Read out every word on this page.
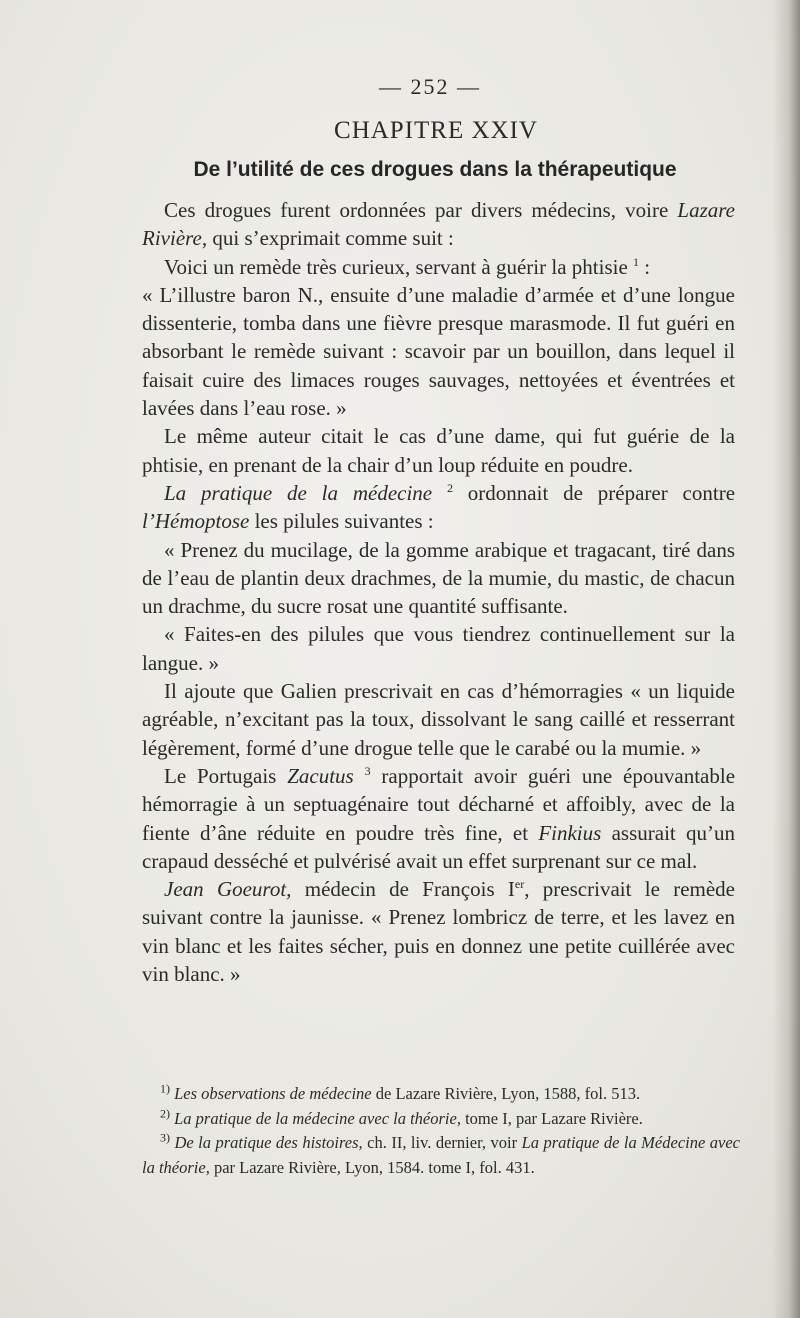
— 252 —
CHAPITRE XXIV
De l’utilité de ces drogues dans la thérapeutique

Ces drogues furent ordonnées par divers médecins, voire Lazare Rivière, qui s’exprimait comme suit :

Voici un remède très curieux, servant à guérir la phtisie $^1$ :

« L’illustre baron N., ensuite d’une maladie d’armée et d’une longue dissenterie, tomba dans une fièvre presque marasmode. Il fut guéri en absorbant le remède suivant : scavoir par un bouillon, dans lequel il faisait cuire des limaces rouges sauvages, nettoyées et éventrées et lavées dans l’eau rose. »

Le même auteur citait le cas d’une dame, qui fut guérie de la phtisie, en prenant de la chair d’un loup réduite en poudre.

La pratique de la médecine $^2$ ordonnait de préparer contre l’Hémoptose les pilules suivantes :

« Prenez du mucilage, de la gomme arabique et tragacant, tiré dans de l’eau de plantin deux drachmes, de la mumie, du mastic, de chacun un drachme, du sucre rosat une quantité suffisante.

« Faites-en des pilules que vous tiendrez continuellement sur la langue. »

Il ajoute que Galien prescrivait en cas d’hémorragies « un liquide agréable, n’excitant pas la toux, dissolvant le sang caillé et resserrant légèrement, formé d’une drogue telle que le carabé ou la mumie. »

Le Portugais Zacutus $^3$ rapportait avoir guéri une épouvantable hémorragie à un septuagénaire tout décharné et affoibly, avec de la fiente d’âne réduite en poudre très fine, et Finkius assurait qu’un crapaud desséché et pulvérisé avait un effet surprenant sur ce mal.

Jean Goeurot, médecin de François Ier, prescrivait le remède suivant contre la jaunisse. « Prenez lombricz de terre, et les lavez en vin blanc et les faites sécher, puis en donnez une petite cuillérée avec vin blanc. »

$^{1)}$ Les observations de médecine de Lazare Rivière, Lyon, 1588, fol. 513.

$^{2)}$ La pratique de la médecine avec la théorie, tome I, par Lazare Rivière.

$^{3)}$ De la pratique des histoires, ch. II, liv. dernier, voir La pratique de la Médecine avec la théorie, par Lazare Rivière, Lyon, 1584. tome I, fol. 431.
